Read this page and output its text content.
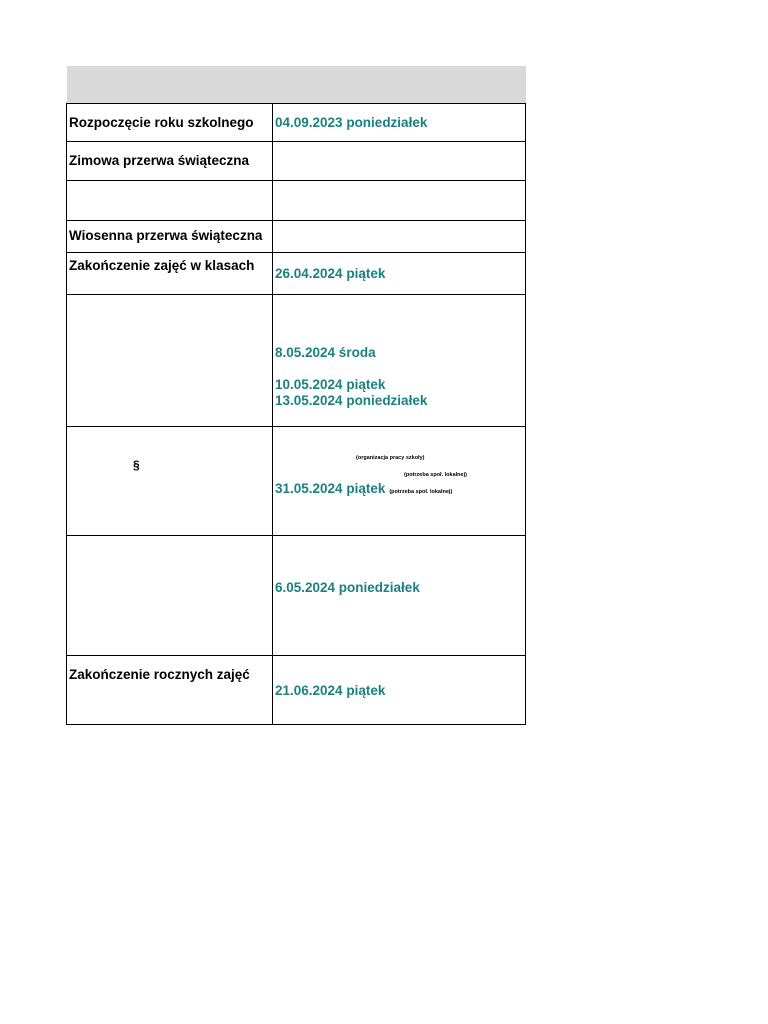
Rozpoczęcie roku szkolnego 04.09.2023 poniedziałek
Zimowa przerwa świąteczna
Wiosenna przerwa świąteczna
Zakończenie zajęć w klasach
26.04.2024 piątek
8.05.2024 środa
10.05.2024 piątek
13.05.2024 poniedziałek
§	(organizacja pracy szkoły)
(potrzeba społ. lokalnej)
31.05.2024 piątek (potrzeba społ. lokalnej)
6.05.2024 poniedziałek
Zakończenie rocznych zajęć
21.06.2024 piątek
